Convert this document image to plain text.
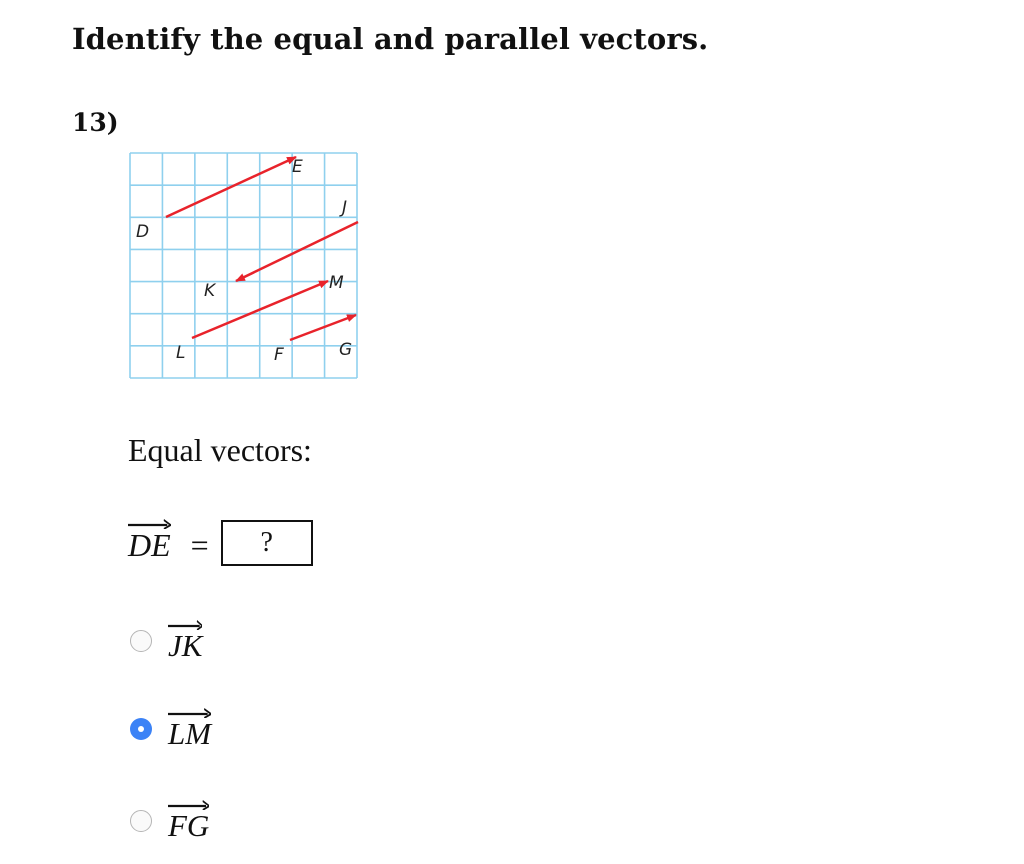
Identify the equal and parallel vectors.
13)
D
E
J
K	M
L	F	G
Equal vectors:
DE = ?
JK
LM
FG
